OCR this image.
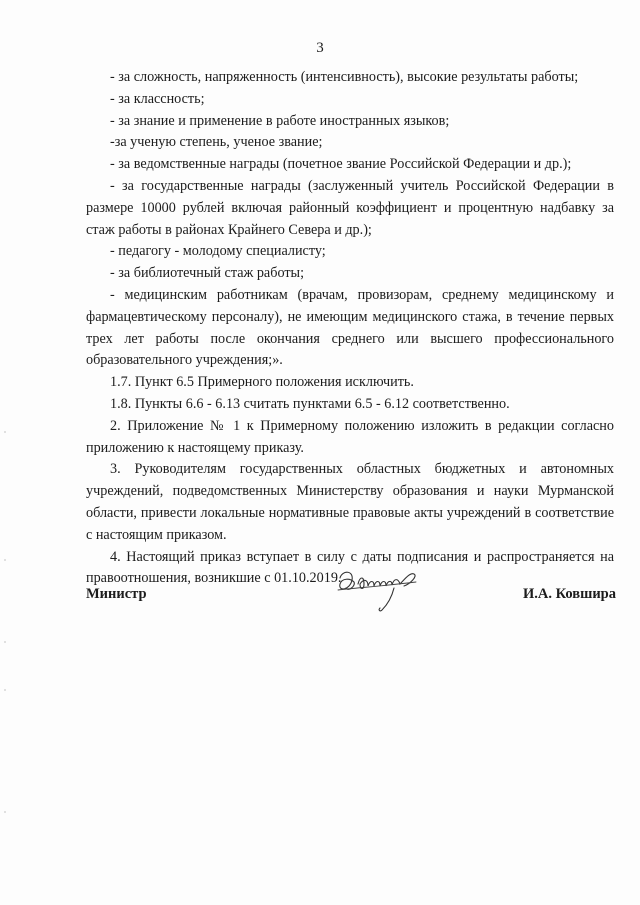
3

- за сложность, напряженность (интенсивность), высокие результаты работы;

- за классность;

- за знание и применение в работе иностранных языков;

-за ученую степень, ученое звание;

- за ведомственные награды (почетное звание Российской Федерации и др.);

- за государственные награды (заслуженный учитель Российской Федерации в размере 10000 рублей включая районный коэффициент и процентную надбавку за стаж работы в районах Крайнего Севера и др.);

- педагогу - молодому специалисту;

- за библиотечный стаж работы;

- медицинским работникам (врачам, провизорам, среднему медицинскому и фармацевтическому персоналу), не имеющим медицинского стажа, в течение первых трех лет работы после окончания среднего или высшего профессионального образовательного учреждения;».

1.7. Пункт 6.5 Примерного положения исключить.

1.8. Пункты 6.6 - 6.13 считать пунктами 6.5 - 6.12 соответственно.

2. Приложение № 1 к Примерному положению изложить в редакции согласно приложению к настоящему приказу.

3. Руководителям государственных областных бюджетных и автономных учреждений, подведомственных Министерству образования и науки Мурманской области, привести локальные нормативные правовые акты учреждений в соответствие с настоящим приказом.

4. Настоящий приказ вступает в силу с даты подписания и распространяется на правоотношения, возникшие с 01.10.2019.

Министр	И.А. Ковшира
